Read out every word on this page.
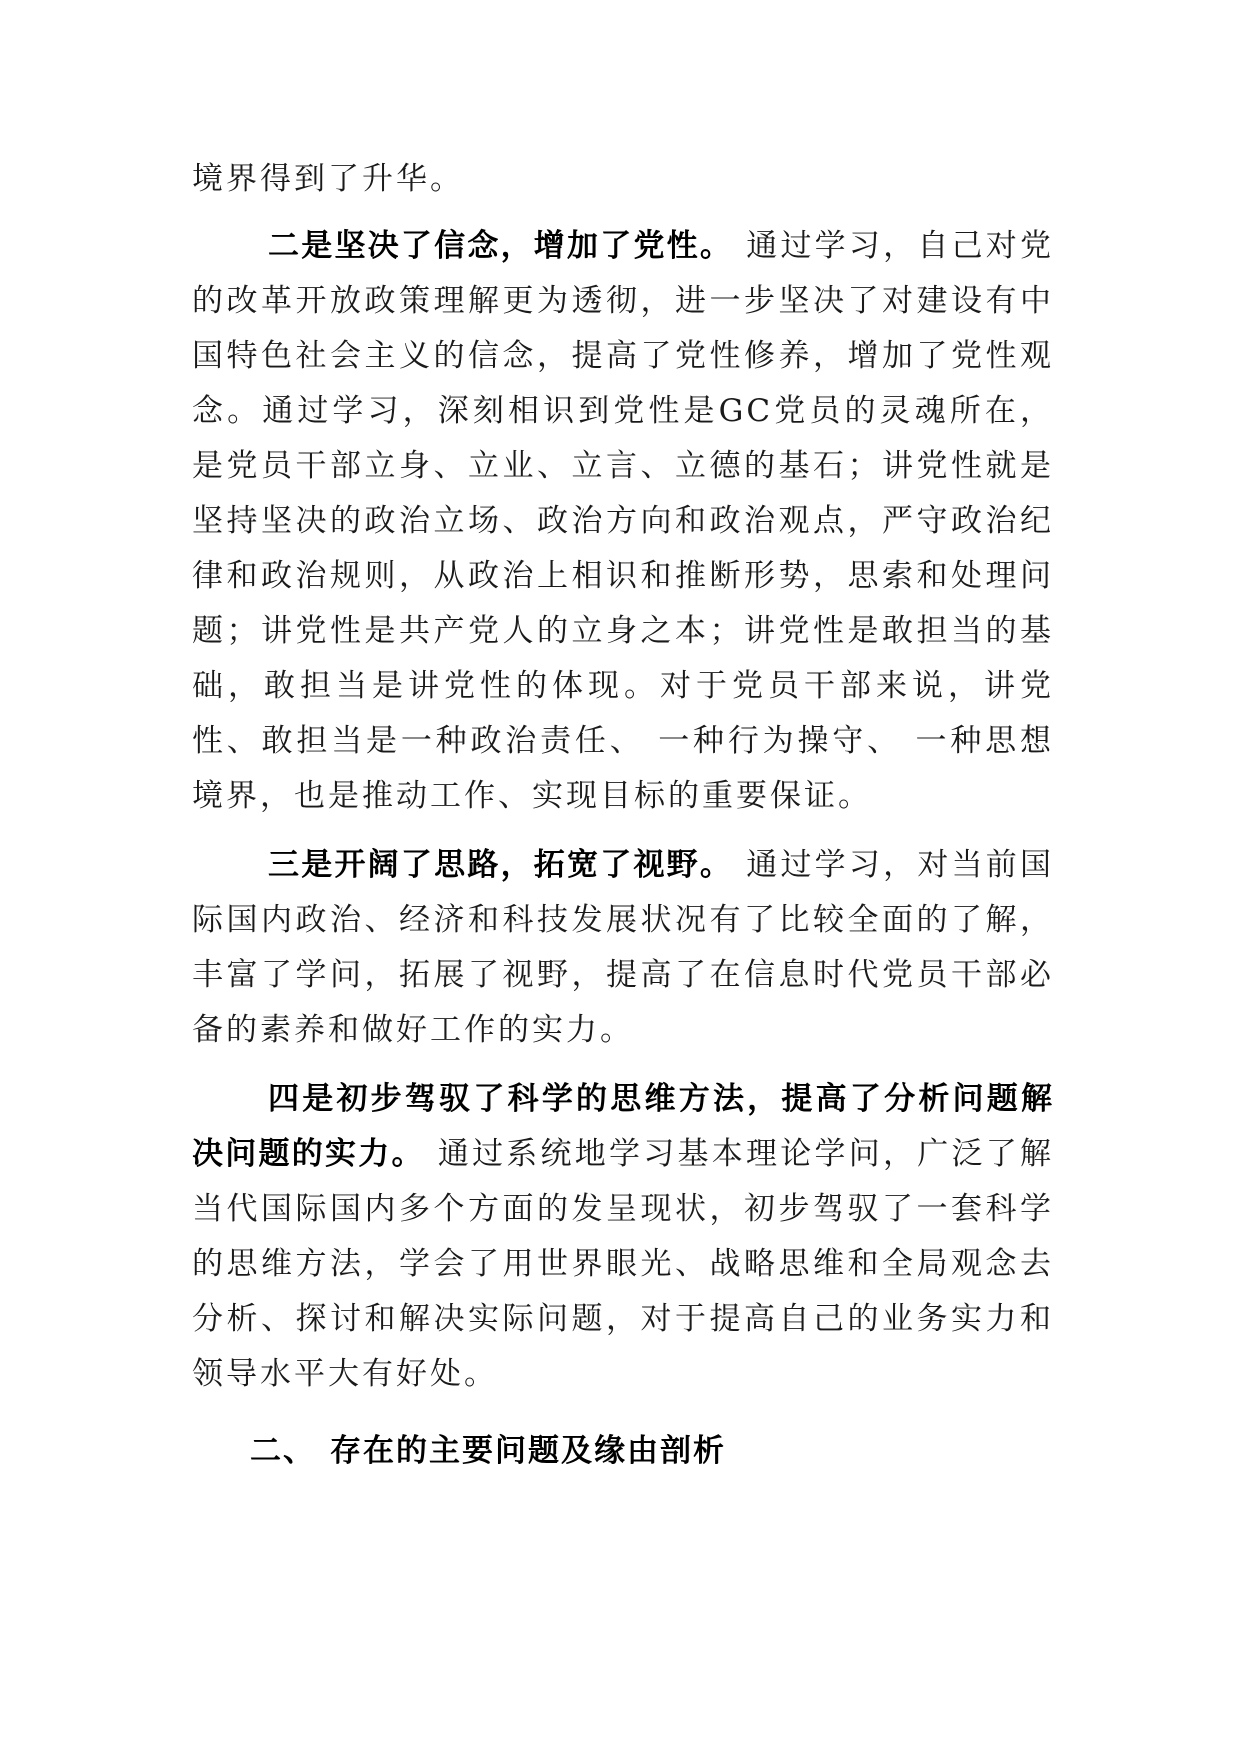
境界得到了升华。

二是坚决了信念，增加了党性。 通过学习，自己对党的改革开放政策理解更为透彻，进一步坚决了对建设有中国特色社会主义的信念，提高了党性修养，增加了党性观念。通过学习，深刻相识到党性是GC党员的灵魂所在，是党员干部立身、立业、立言、立德的基石；讲党性就是坚持坚决的政治立场、政治方向和政治观点，严守政治纪律和政治规则，从政治上相识和推断形势，思索和处理问题；讲党性是共产党人的立身之本；讲党性是敢担当的基础，敢担当是讲党性的体现。对于党员干部来说，讲党性、敢担当是一种政治责任、 一种行为操守、 一种思想境界，也是推动工作、实现目标的重要保证。

三是开阔了思路，拓宽了视野。 通过学习，对当前国际国内政治、经济和科技发展状况有了比较全面的了解，丰富了学问，拓展了视野，提高了在信息时代党员干部必备的素养和做好工作的实力。

四是初步驾驭了科学的思维方法，提高了分析问题解决问题的实力。 通过系统地学习基本理论学问，广泛了解当代国际国内多个方面的发呈现状，初步驾驭了一套科学的思维方法，学会了用世界眼光、战略思维和全局观念去分析、探讨和解决实际问题，对于提高自己的业务实力和领导水平大有好处。

二、 存在的主要问题及缘由剖析
